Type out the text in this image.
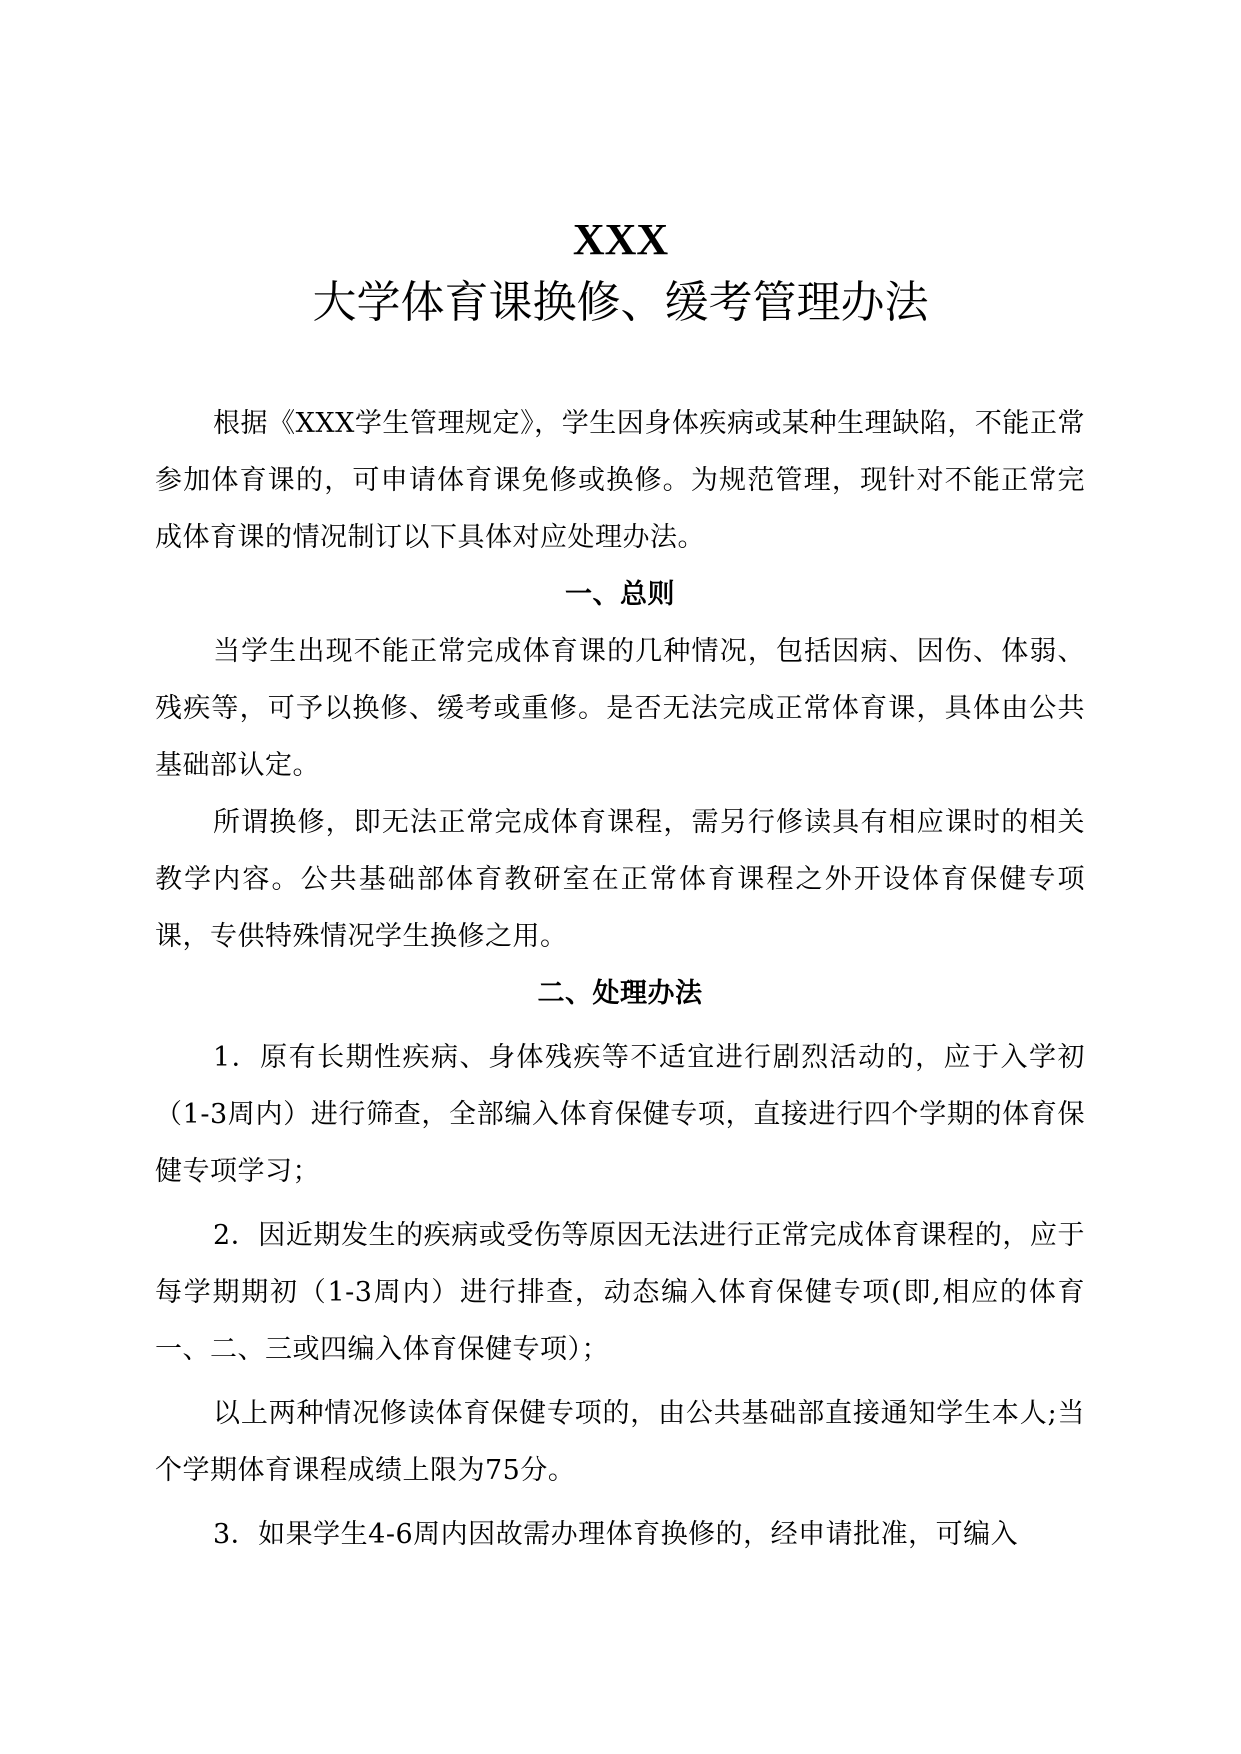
XXX
大学体育课换修、缓考管理办法

根据《XXX学生管理规定》，学生因身体疾病或某种生理缺陷，不能正常参加体育课的，可申请体育课免修或换修。为规范管理，现针对不能正常完成体育课的情况制订以下具体对应处理办法。

一、总则

当学生出现不能正常完成体育课的几种情况，包括因病、因伤、体弱、残疾等，可予以换修、缓考或重修。是否无法完成正常体育课，具体由公共基础部认定。

所谓换修，即无法正常完成体育课程，需另行修读具有相应课时的相关教学内容。公共基础部体育教研室在正常体育课程之外开设体育保健专项课，专供特殊情况学生换修之用。

二、处理办法

1．原有长期性疾病、身体残疾等不适宜进行剧烈活动的，应于入学初（1-3周内）进行筛查，全部编入体育保健专项，直接进行四个学期的体育保健专项学习；

2．因近期发生的疾病或受伤等原因无法进行正常完成体育课程的，应于每学期期初（1-3周内）进行排查，动态编入体育保健专项(即,相应的体育一、二、三或四编入体育保健专项）；

以上两种情况修读体育保健专项的，由公共基础部直接通知学生本人;当个学期体育课程成绩上限为75分。

3．如果学生4-6周内因故需办理体育换修的，经申请批准，可编入
